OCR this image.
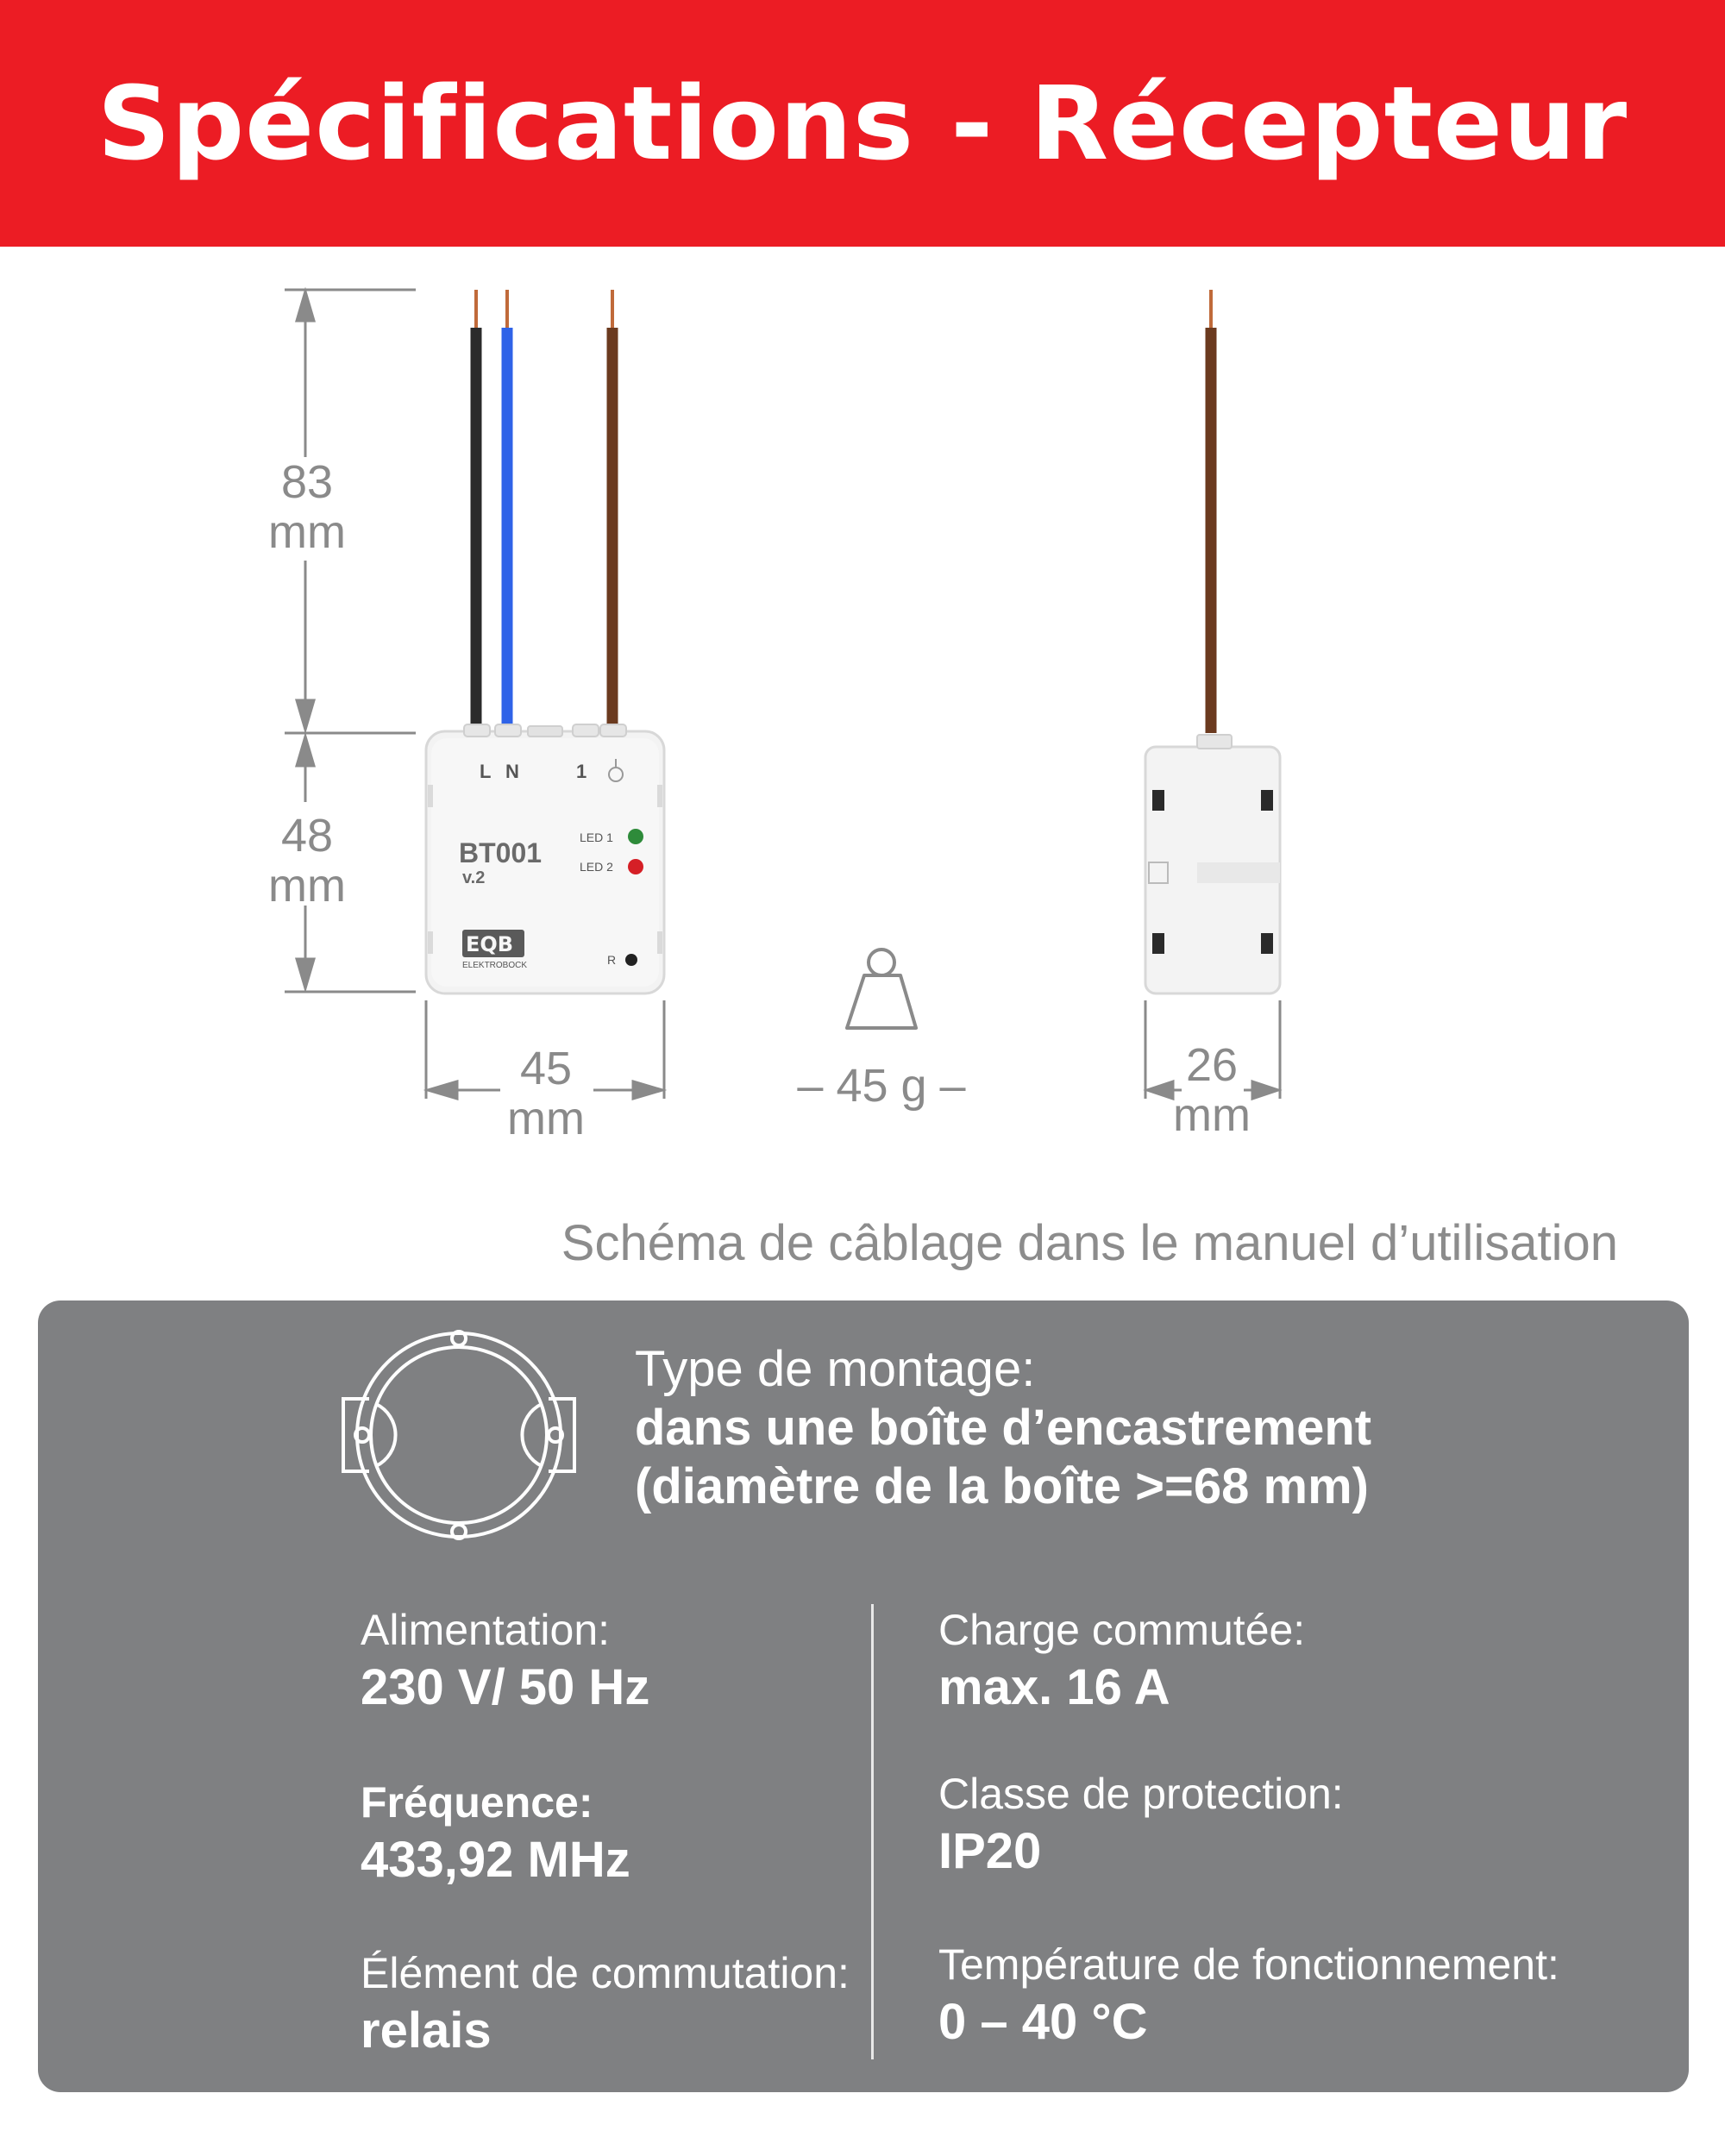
Spécifications - Récepteur
L N	1
BT001
v.2
LED 1
LED 2
EQB
ELEKTROBOCK	R
83
mm
48
mm
45
mm
26
mm
– 45 g –
Schéma de câblage dans le manuel d’utilisation
Type de montage:
dans une boîte d’encastrement
(diamètre de la boîte >=68 mm)
Alimentation:
230 V/ 50 Hz
Fréquence:
433,92 MHz
Élément de commutation:
relais
Charge commutée:
max. 16 A
Classe de protection:
IP20
Température de fonctionnement:
0 – 40 °C
